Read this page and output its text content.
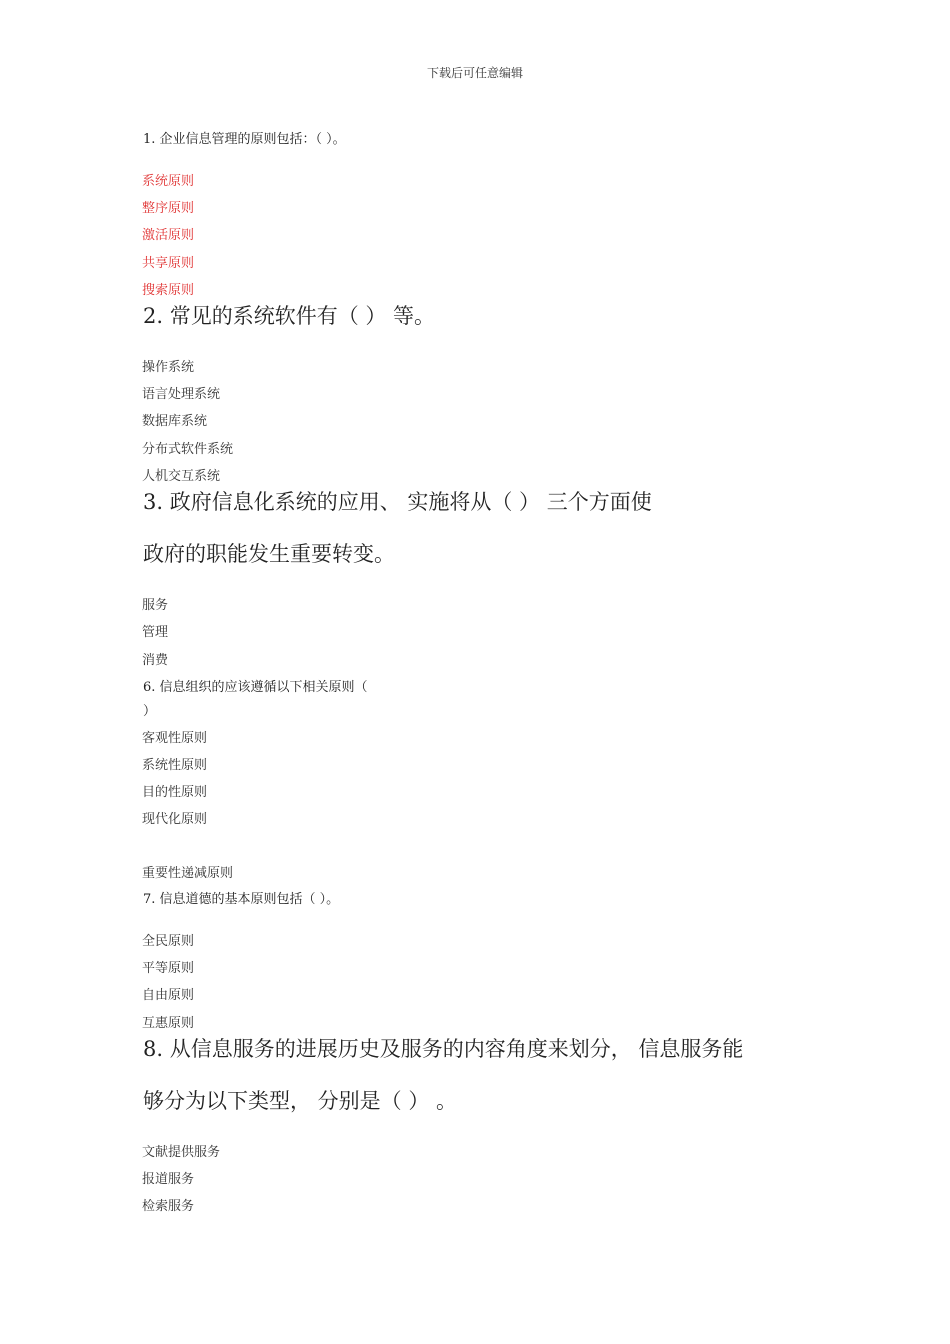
下载后可任意编辑
1. 企业信息管理的原则包括：（ ）。
系统原则
整序原则
激活原则
共享原则
搜索原则
2. 常见的系统软件有（ ） 等。
操作系统
语言处理系统
数据库系统
分布式软件系统
人机交互系统
3. 政府信息化系统的应用、 实施将从（ ） 三个方面使
政府的职能发生重要转变。
服务
管理
消费
6. 信息组织的应该遵循以下相关原则（
）
客观性原则
系统性原则
目的性原则
现代化原则
重要性递减原则
7. 信息道德的基本原则包括（ ）。
全民原则
平等原则
自由原则
互惠原则
8. 从信息服务的进展历史及服务的内容角度来划分， 信息服务能
够分为以下类型， 分别是（ ） 。
文献提供服务
报道服务
检索服务
